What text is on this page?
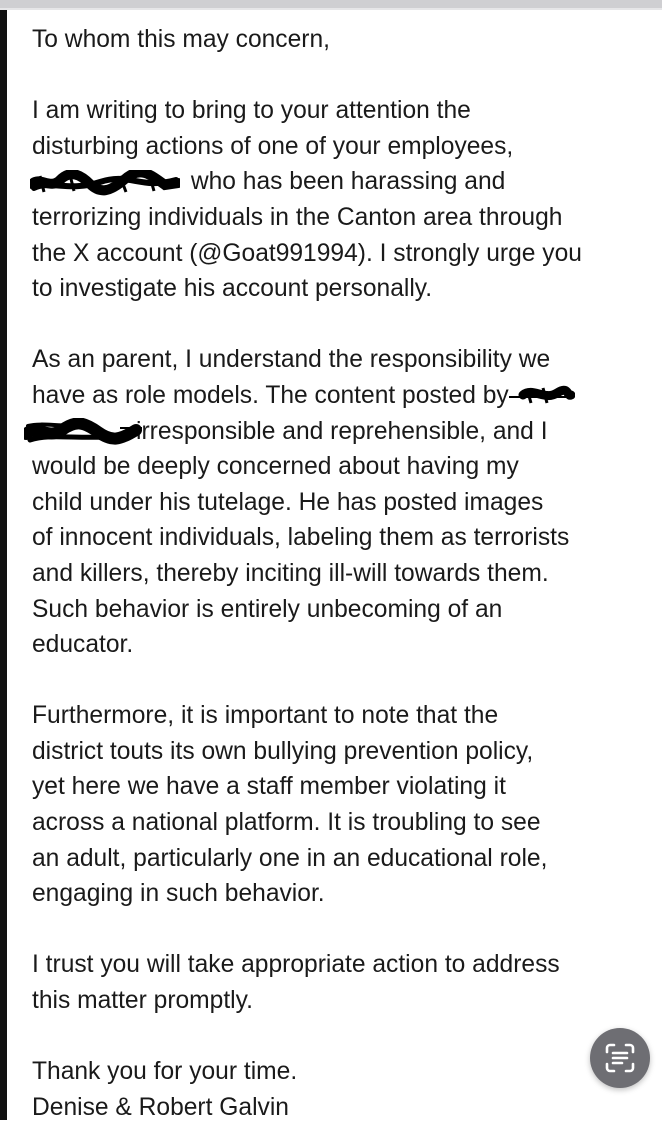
To whom this may concern,
I am writing to bring to your attention the
disturbing actions of one of your employees,
who has been harassing and
terrorizing individuals in the Canton area through
the X account (@Goat991994). I strongly urge you
to investigate his account personally.
As an parent, I understand the responsibility we
have as role models. The content posted by
irresponsible and reprehensible, and I
would be deeply concerned about having my
child under his tutelage. He has posted images
of innocent individuals, labeling them as terrorists
and killers, thereby inciting ill-will towards them.
Such behavior is entirely unbecoming of an
educator.
Furthermore, it is important to note that the
district touts its own bullying prevention policy,
yet here we have a staff member violating it
across a national platform. It is troubling to see
an adult, particularly one in an educational role,
engaging in such behavior.
I trust you will take appropriate action to address
this matter promptly.
Thank you for your time.
Denise & Robert Galvin
